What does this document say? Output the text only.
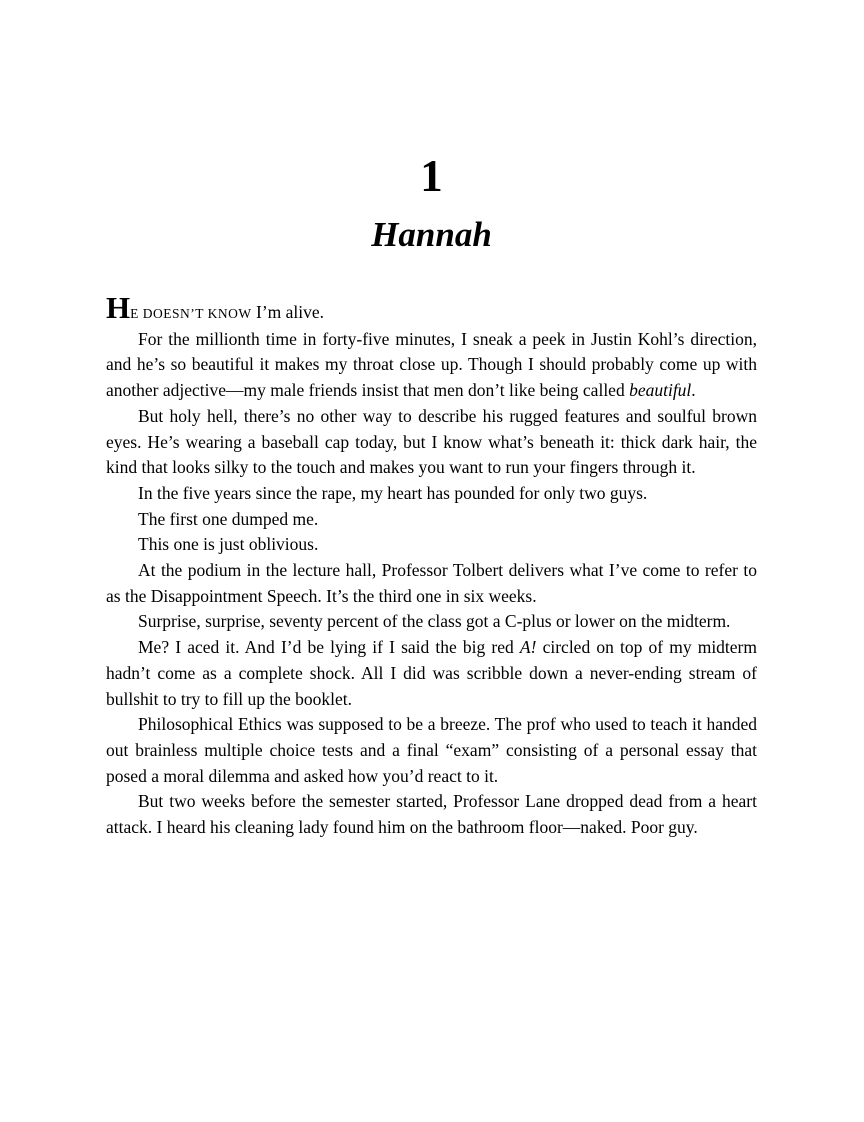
1
Hannah

HE DOESN’T KNOW I’m alive.

For the millionth time in forty-five minutes, I sneak a peek in Justin Kohl’s direction, and he’s so beautiful it makes my throat close up. Though I should probably come up with another adjective—my male friends insist that men don’t like being called beautiful.

But holy hell, there’s no other way to describe his rugged features and soulful brown eyes. He’s wearing a baseball cap today, but I know what’s beneath it: thick dark hair, the kind that looks silky to the touch and makes you want to run your fingers through it.

In the five years since the rape, my heart has pounded for only two guys.

The first one dumped me.

This one is just oblivious.

At the podium in the lecture hall, Professor Tolbert delivers what I’ve come to refer to as the Disappointment Speech. It’s the third one in six weeks.

Surprise, surprise, seventy percent of the class got a C-plus or lower on the midterm.

Me? I aced it. And I’d be lying if I said the big red A! circled on top of my midterm hadn’t come as a complete shock. All I did was scribble down a never-ending stream of bullshit to try to fill up the booklet.

Philosophical Ethics was supposed to be a breeze. The prof who used to teach it handed out brainless multiple choice tests and a final “exam” consisting of a personal essay that posed a moral dilemma and asked how you’d react to it.

But two weeks before the semester started, Professor Lane dropped dead from a heart attack. I heard his cleaning lady found him on the bathroom floor—naked. Poor guy.
